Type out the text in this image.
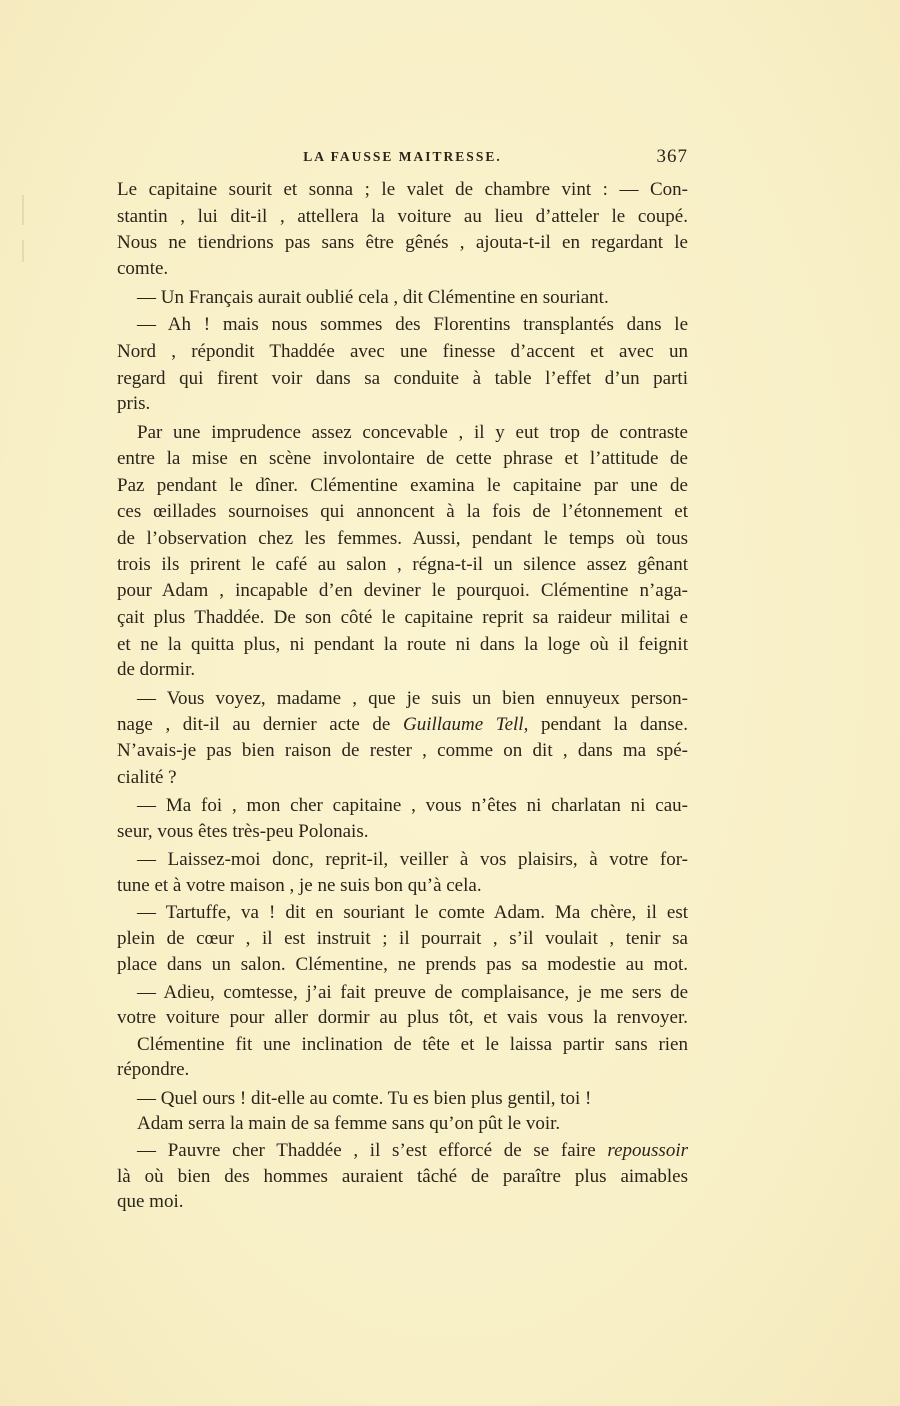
LA FAUSSE MAITRESSE.	367
Le capitaine sourit et sonna ; le valet de chambre vint : — Con-
stantin , lui dit-il , attellera la voiture au lieu d’atteler le coupé.
Nous ne tiendrions pas sans être gênés , ajouta-t-il en regardant le
comte.
— Un Français aurait oublié cela , dit Clémentine en souriant.
— Ah ! mais nous sommes des Florentins transplantés dans le
Nord , répondit Thaddée avec une finesse d’accent et avec un
regard qui firent voir dans sa conduite à table l’effet d’un parti
pris.
Par une imprudence assez concevable , il y eut trop de contraste
entre la mise en scène involontaire de cette phrase et l’attitude de
Paz pendant le dîner. Clémentine examina le capitaine par une de
ces œillades sournoises qui annoncent à la fois de l’étonnement et
de l’observation chez les femmes. Aussi, pendant le temps où tous
trois ils prirent le café au salon , régna-t-il un silence assez gênant
pour Adam , incapable d’en deviner le pourquoi. Clémentine n’aga-
çait plus Thaddée. De son côté le capitaine reprit sa raideur militai e
et ne la quitta plus, ni pendant la route ni dans la loge où il feignit
de dormir.
— Vous voyez, madame , que je suis un bien ennuyeux person-
nage , dit-il au dernier acte de Guillaume Tell, pendant la danse.
N’avais-je pas bien raison de rester , comme on dit , dans ma spé-
cialité ?
— Ma foi , mon cher capitaine , vous n’êtes ni charlatan ni cau-
seur, vous êtes très-peu Polonais.
— Laissez-moi donc, reprit-il, veiller à vos plaisirs, à votre for-
tune et à votre maison , je ne suis bon qu’à cela.
— Tartuffe, va ! dit en souriant le comte Adam. Ma chère, il est
plein de cœur , il est instruit ; il pourrait , s’il voulait , tenir sa
place dans un salon. Clémentine, ne prends pas sa modestie au mot.
— Adieu, comtesse, j’ai fait preuve de complaisance, je me sers de
votre voiture pour aller dormir au plus tôt, et vais vous la renvoyer.
Clémentine fit une inclination de tête et le laissa partir sans rien
répondre.
— Quel ours ! dit-elle au comte. Tu es bien plus gentil, toi !
Adam serra la main de sa femme sans qu’on pût le voir.
— Pauvre cher Thaddée , il s’est efforcé de se faire repoussoir
là où bien des hommes auraient tâché de paraître plus aimables
que moi.
